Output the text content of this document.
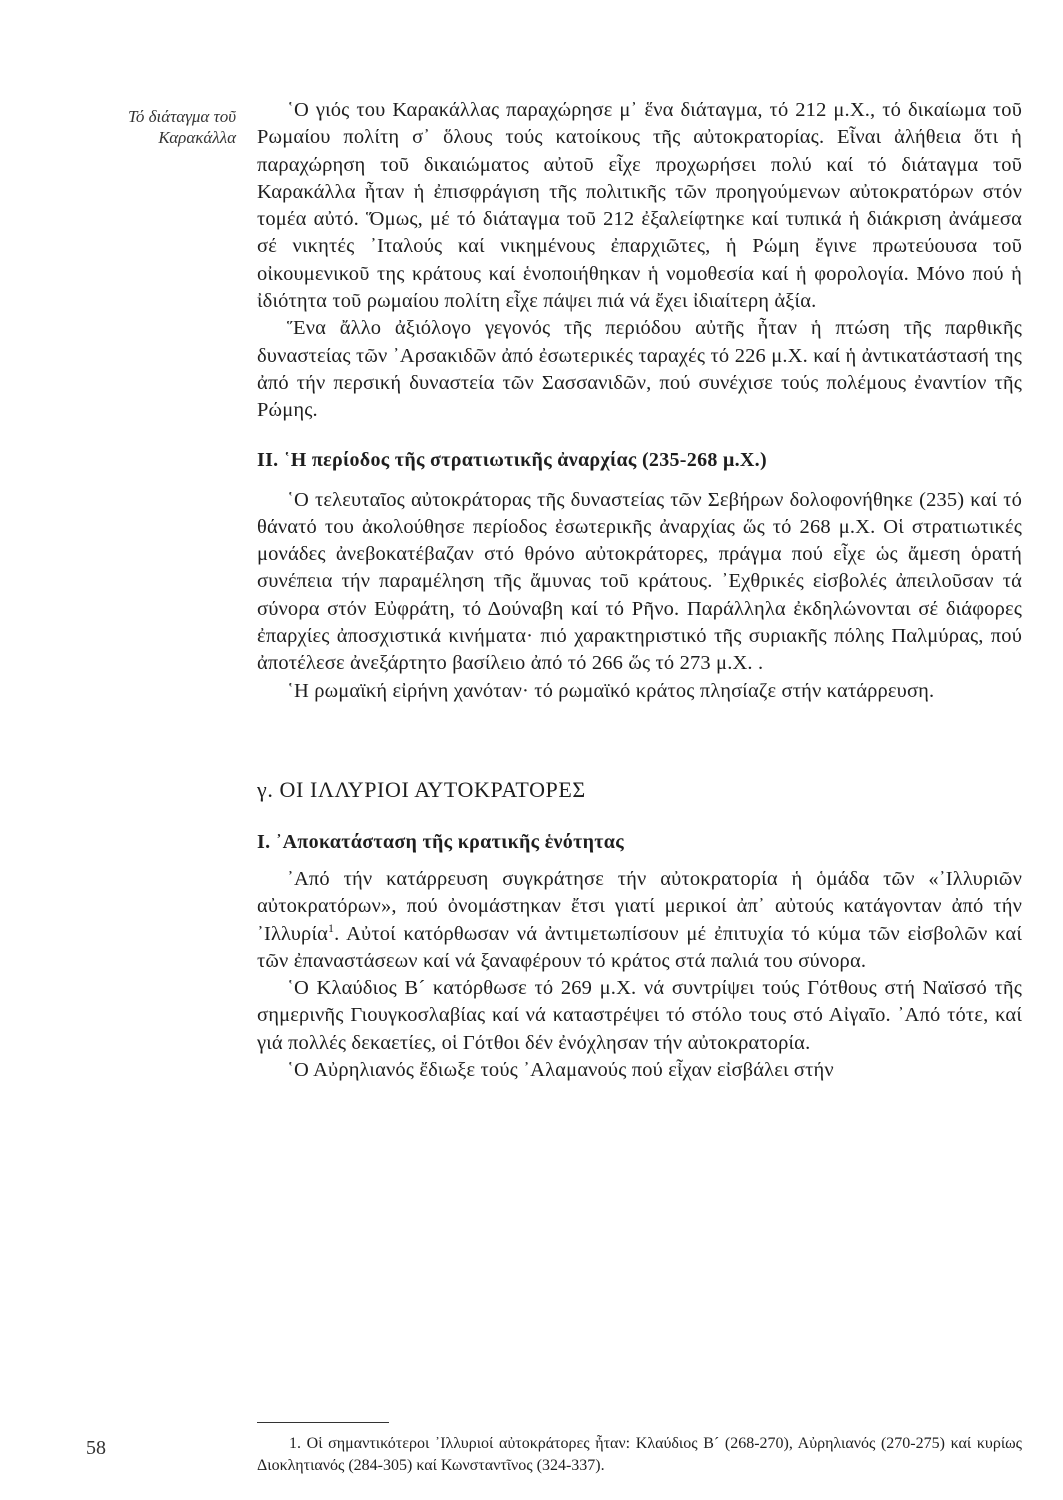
Τό διάταγμα τοῦ
Καρακάλλα

῾Ο γιός του Καρακάλλας παραχώρησε μ᾽ ἕνα διάταγμα, τό 212 μ.Χ., τό δικαίωμα τοῦ Ρωμαίου πολίτη σ᾽ ὅλους τούς κατοίκους τῆς αὐτοκρατορίας. Εἶναι ἀλήθεια ὅτι ἡ παραχώρηση τοῦ δικαιώματος αὐτοῦ εἶχε προχωρήσει πολύ καί τό διάταγμα τοῦ Καρακάλλα ἦταν ἡ ἐπισφράγιση τῆς πολιτικῆς τῶν προηγούμενων αὐτοκρατόρων στόν τομέα αὐτό. Ὅμως, μέ τό διάταγμα τοῦ 212 ἐξαλείφτηκε καί τυπικά ἡ διάκριση ἀνάμεσα σέ νικητές ᾽Ιταλούς καί νικημένους ἐπαρχιῶτες, ἡ Ρώμη ἔγινε πρωτεύουσα τοῦ οἰκουμενικοῦ της κράτους καί ἑνοποιήθηκαν ἡ νομοθεσία καί ἡ φορολογία. Μόνο πού ἡ ἰδιότητα τοῦ ρωμαίου πολίτη εἶχε πάψει πιά νά ἔχει ἰδιαίτερη ἀξία.

Ἕνα ἄλλο ἀξιόλογο γεγονός τῆς περιόδου αὐτῆς ἦταν ἡ πτώση τῆς παρθικῆς δυναστείας τῶν ᾽Αρσακιδῶν ἀπό ἐσωτερικές ταραχές τό 226 μ.Χ. καί ἡ ἀντικατάστασή της ἀπό τήν περσική δυναστεία τῶν Σασσανιδῶν, πού συνέχισε τούς πολέμους ἐναντίον τῆς Ρώμης.

II. ῾Η περίοδος τῆς στρατιωτικῆς ἀναρχίας (235-268 μ.Χ.)

῾Ο τελευταῖος αὐτοκράτορας τῆς δυναστείας τῶν Σεβήρων δολοφονήθηκε (235) καί τό θάνατό του ἀκολούθησε περίοδος ἐσωτερικῆς ἀναρχίας ὥς τό 268 μ.Χ. Οἱ στρατιωτικές μονάδες ἀνεβοκατέβαζαν στό θρόνο αὐτοκράτορες, πράγμα πού εἶχε ὡς ἄμεση ὁρατή συνέπεια τήν παραμέληση τῆς ἄμυνας τοῦ κράτους. ᾽Εχθρικές εἰσβολές ἀπειλοῦσαν τά σύνορα στόν Εὐφράτη, τό Δούναβη καί τό Ρῆνο. Παράλληλα ἐκδηλώνονται σέ διάφορες ἐπαρχίες ἀποσχιστικά κινήματα· πιό χαρακτηριστικό τῆς συριακῆς πόλης Παλμύρας, πού ἀποτέλεσε ἀνεξάρτητο βασίλειο ἀπό τό 266 ὥς τό 273 μ.Χ. .

῾Η ρωμαϊκή εἰρήνη χανόταν· τό ρωμαϊκό κράτος πλησίαζε στήν κατάρρευση.

γ. ΟΙ ΙΛΛΥΡΙΟΙ ΑΥΤΟΚΡΑΤΟΡΕΣ

I. ᾽Αποκατάσταση τῆς κρατικῆς ἑνότητας

᾽Από τήν κατάρρευση συγκράτησε τήν αὐτοκρατορία ἡ ὁμάδα τῶν «᾽Ιλλυριῶν αὐτοκρατόρων», πού ὀνομάστηκαν ἔτσι γιατί μερικοί ἀπ᾽ αὐτούς κατάγονταν ἀπό τήν ᾽Ιλλυρία$^1$. Αὐτοί κατόρθωσαν νά ἀντιμετωπίσουν μέ ἐπιτυχία τό κύμα τῶν εἰσβολῶν καί τῶν ἐπαναστάσεων καί νά ξαναφέρουν τό κράτος στά παλιά του σύνορα.

῾Ο Κλαύδιος Β´ κατόρθωσε τό 269 μ.Χ. νά συντρίψει τούς Γότθους στή Ναϊσσό τῆς σημερινῆς Γιουγκοσλαβίας καί νά καταστρέψει τό στόλο τους στό Αἰγαῖο. ᾽Από τότε, καί γιά πολλές δεκαετίες, οἱ Γότθοι δέν ἐνόχλησαν τήν αὐτοκρατορία.

῾Ο Αὐρηλιανός ἔδιωξε τούς ᾽Αλαμανούς πού εἶχαν εἰσβάλει στήν

1. Οἱ σημαντικότεροι ᾽Ιλλυριοί αὐτοκράτορες ἦταν: Κλαύδιος Β´ (268-270), Αὐρηλιανός (270-275) καί κυρίως Διοκλητιανός (284-305) καί Κωνσταντῖνος (324-337).

58
